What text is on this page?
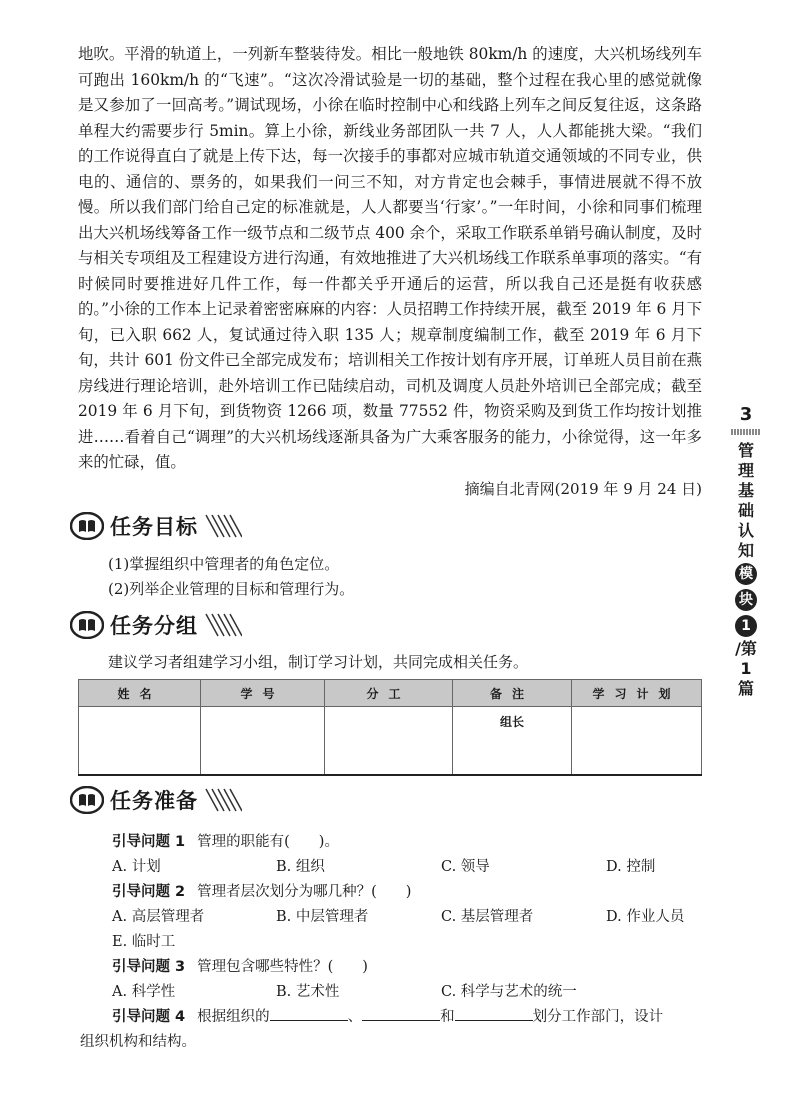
地吹。平滑的轨道上，一列新车整装待发。相比一般地铁 80km/h 的速度，大兴机场线列车可跑出 160km/h 的“飞速”。“这次冷滑试验是一切的基础，整个过程在我心里的感觉就像是又参加了一回高考。”调试现场，小徐在临时控制中心和线路上列车之间反复往返，这条路单程大约需要步行 5min。算上小徐，新线业务部团队一共 7 人，人人都能挑大梁。“我们的工作说得直白了就是上传下达，每一次接手的事都对应城市轨道交通领域的不同专业，供电的、通信的、票务的，如果我们一问三不知，对方肯定也会棘手，事情进展就不得不放慢。所以我们部门给自己定的标准就是，人人都要当‘行家’。”一年时间，小徐和同事们梳理出大兴机场线筹备工作一级节点和二级节点 400 余个，采取工作联系单销号确认制度，及时与相关专项组及工程建设方进行沟通，有效地推进了大兴机场线工作联系单事项的落实。“有时候同时要推进好几件工作，每一件都关乎开通后的运营，所以我自己还是挺有收获感的。”小徐的工作本上记录着密密麻麻的内容：人员招聘工作持续开展，截至 2019 年 6 月下旬，已入职 662 人，复试通过待入职 135 人；规章制度编制工作，截至 2019 年 6 月下旬，共计 601 份文件已全部完成发布；培训相关工作按计划有序开展，订单班人员目前在燕房线进行理论培训，赴外培训工作已陆续启动，司机及调度人员赴外培训已全部完成；截至 2019 年 6 月下旬，到货物资 1266 项，数量 77552 件，物资采购及到货工作均按计划推进……看着自己“调理”的大兴机场线逐渐具备为广大乘客服务的能力，小徐觉得，这一年多来的忙碌，值。

摘编自北青网(2019 年 9 月 24 日)
任务目标
(1)掌握组织中管理者的角色定位。
(2)列举企业管理的目标和管理行为。
任务分组
建议学习者组建学习小组，制订学习计划，共同完成相关任务。
姓名	学号	分工	备注	学习计划
			组长	
任务准备
引导问题 1 管理的职能有(　　)。
A. 计划	B. 组织	C. 领导	D. 控制
引导问题 2 管理者层次划分为哪几种？(　　)
A. 高层管理者	B. 中层管理者	C. 基层管理者	D. 作业人员
E. 临时工
引导问题 3 管理包含哪些特性？(　　)
A. 科学性	B. 艺术性	C. 科学与艺术的统一
引导问题 4 根据组织的	、	和	划分工作部门，设计
组织机构和结构。
3
管
理
基
础
认
知
模
块
1
/第
1
篇
